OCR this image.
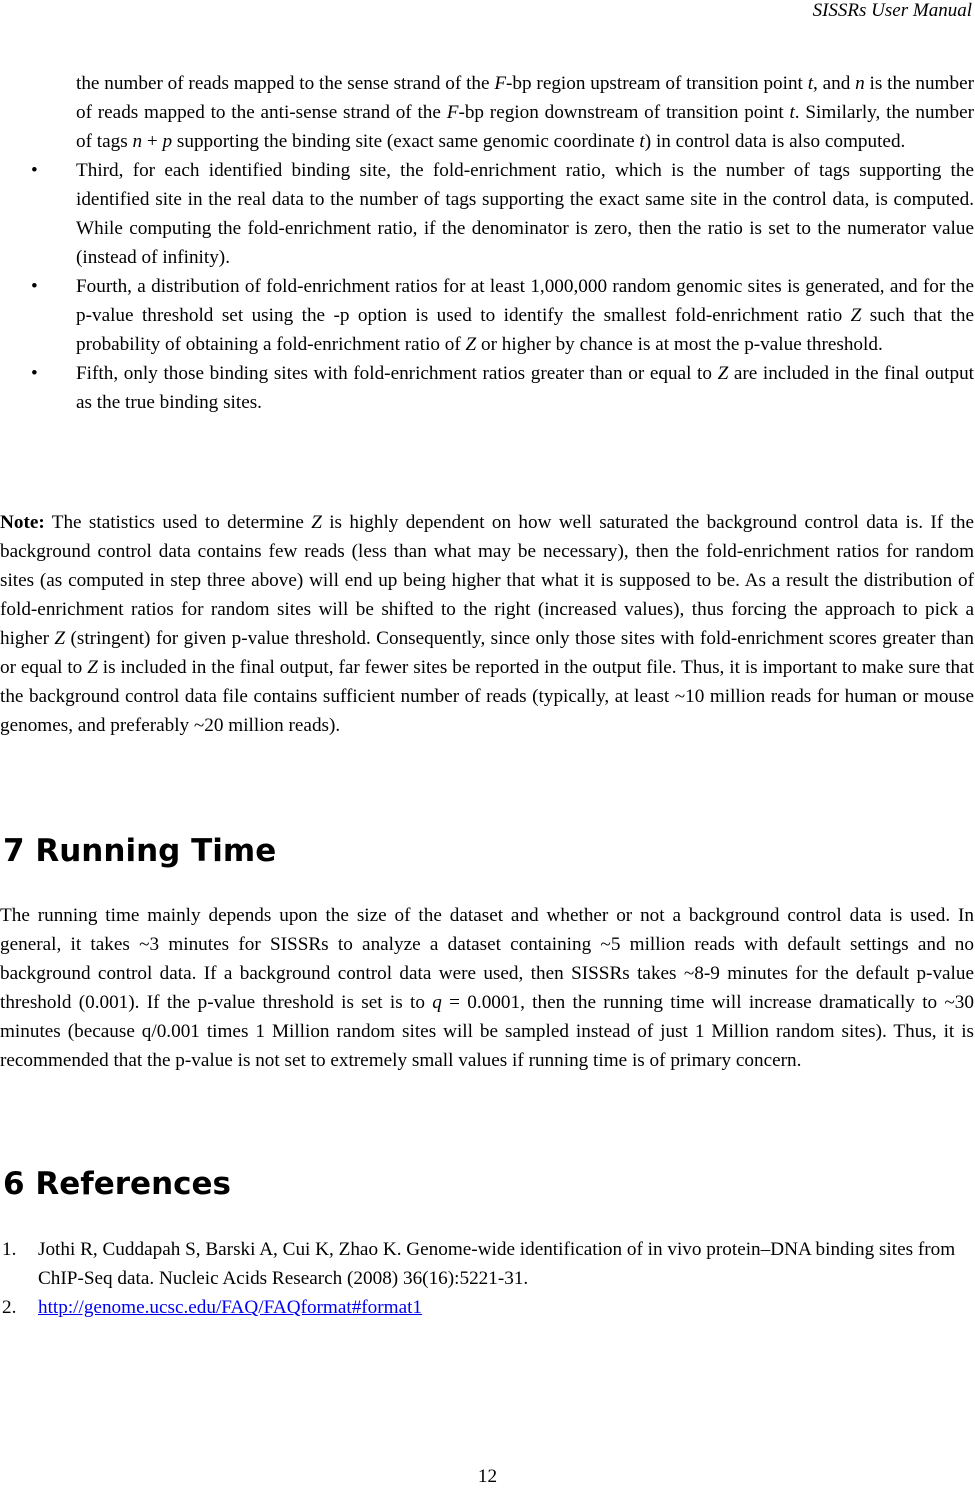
SISSRs User Manual
the number of reads mapped to the sense strand of the F-bp region upstream of transition point t, and n is the number of reads mapped to the anti-sense strand of the F-bp region downstream of transition point t. Similarly, the number of tags n + p supporting the binding site (exact same genomic coordinate t) in control data is also computed.
• Third, for each identified binding site, the fold-enrichment ratio, which is the number of tags supporting the identified site in the real data to the number of tags supporting the exact same site in the control data, is computed. While computing the fold-enrichment ratio, if the denominator is zero, then the ratio is set to the numerator value (instead of infinity).
• Fourth, a distribution of fold-enrichment ratios for at least 1,000,000 random genomic sites is generated, and for the p-value threshold set using the -p option is used to identify the smallest fold-enrichment ratio Z such that the probability of obtaining a fold-enrichment ratio of Z or higher by chance is at most the p-value threshold.
• Fifth, only those binding sites with fold-enrichment ratios greater than or equal to Z are included in the final output as the true binding sites.
Note: The statistics used to determine Z is highly dependent on how well saturated the background control data is. If the background control data contains few reads (less than what may be necessary), then the fold-enrichment ratios for random sites (as computed in step three above) will end up being higher that what it is supposed to be. As a result the distribution of fold-enrichment ratios for random sites will be shifted to the right (increased values), thus forcing the approach to pick a higher Z (stringent) for given p-value threshold. Consequently, since only those sites with fold-enrichment scores greater than or equal to Z is included in the final output, far fewer sites be reported in the output file. Thus, it is important to make sure that the background control data file contains sufficient number of reads (typically, at least ~10 million reads for human or mouse genomes, and preferably ~20 million reads).
7 Running Time
The running time mainly depends upon the size of the dataset and whether or not a background control data is used. In general, it takes ~3 minutes for SISSRs to analyze a dataset containing ~5 million reads with default settings and no background control data. If a background control data were used, then SISSRs takes ~8-9 minutes for the default p-value threshold (0.001). If the p-value threshold is set is to q = 0.0001, then the running time will increase dramatically to ~30 minutes (because q/0.001 times 1 Million random sites will be sampled instead of just 1 Million random sites). Thus, it is recommended that the p-value is not set to extremely small values if running time is of primary concern.
6 References
1. Jothi R, Cuddapah S, Barski A, Cui K, Zhao K. Genome-wide identification of in vivo protein–DNA binding sites from ChIP-Seq data. Nucleic Acids Research (2008) 36(16):5221-31.
2. http://genome.ucsc.edu/FAQ/FAQformat#format1
12
